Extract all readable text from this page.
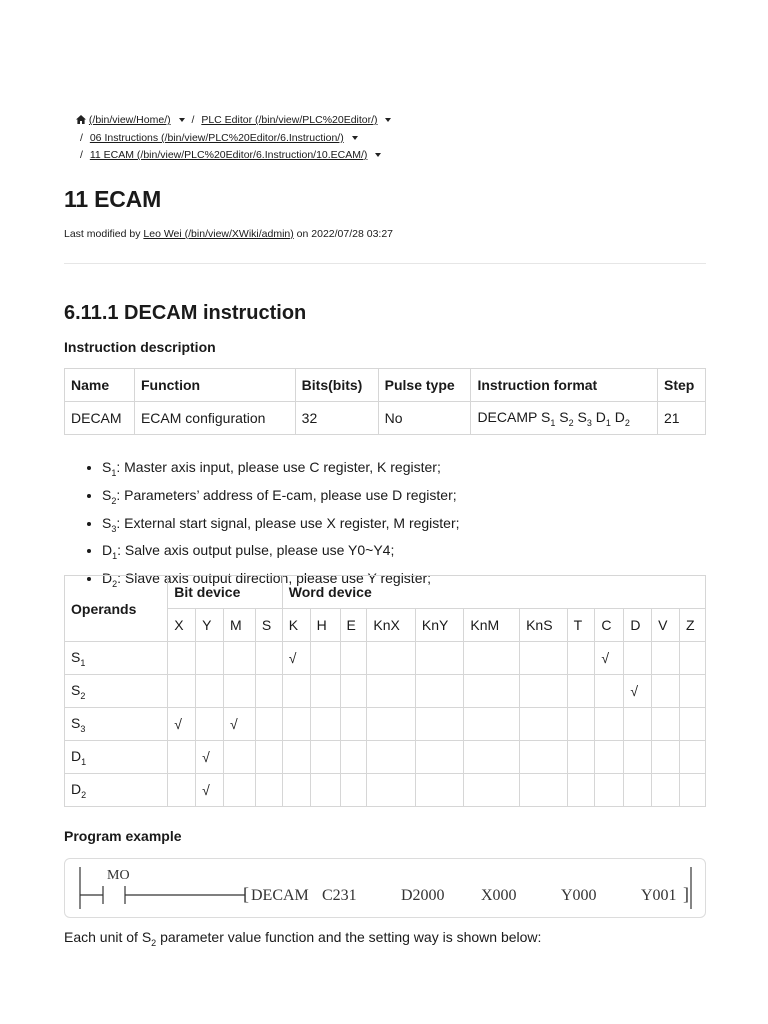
(/bin/view/Home/) / PLC Editor (/bin/view/PLC%20Editor/)
/ 06 Instructions (/bin/view/PLC%20Editor/6.Instruction/)
/ 11 ECAM (/bin/view/PLC%20Editor/6.Instruction/10.ECAM/)
11 ECAM
Last modified by Leo Wei (/bin/view/XWiki/admin) on 2022/07/28 03:27
6.11.1 DECAM instruction
Instruction description
Name	Function	Bits(bits)	Pulse type	Instruction format	Step
DECAM	ECAM configuration	32	No	DECAMP $S_1$ $S_2$ $S_3$ $D_1$ $D_2$	21
• $S_1$: Master axis input, please use C register, K register;
• $S_2$: Parameters’ address of E-cam, please use D register;
• $S_3$: External start signal, please use X register, M register;
• $D_1$: Salve axis output pulse, please use Y0~Y4;
• $D_2$: Slave axis output direction, please use Y register;
Operands	Bit device				Word device											
	X	Y	M	S	K	H	E	KnX	KnY	KnM	KnS	T	C	D	V	Z
$S_1$					√								√			
$S_2$														√		
$S_3$	√		√													
$D_1$		√														
$D_2$		√														
Program example
MO
[ DECAM C231	D2000 X000	Y000	Y001 ]
Each unit of $S_2$ parameter value function and the setting way is shown below:
